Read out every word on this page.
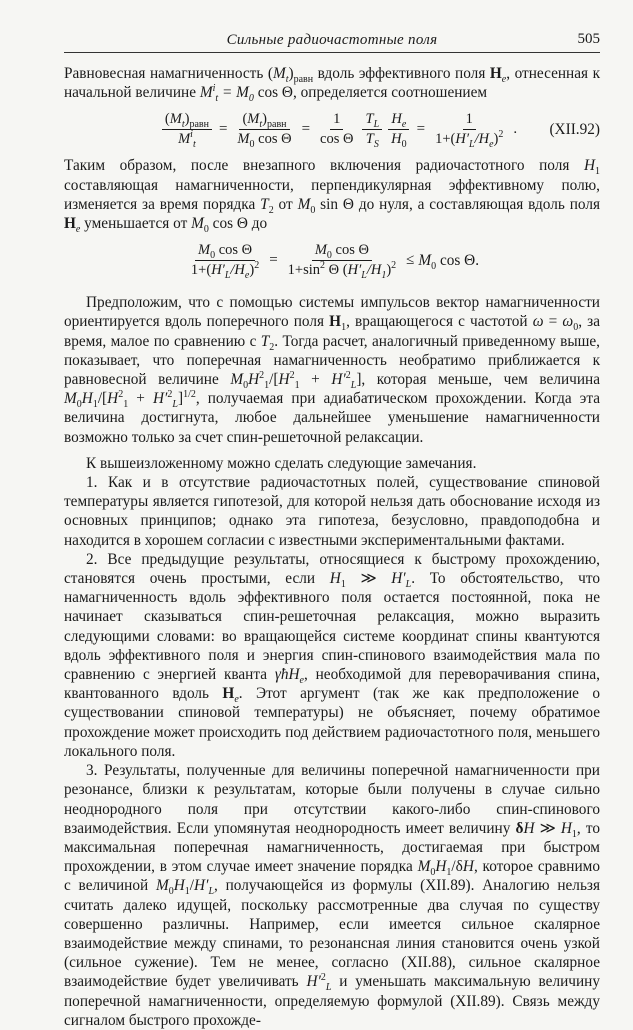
Сильные радиочастотные поля	505

Равновесная намагниченность $(M_t)_{равн}$ вдоль эффективного поля $H_e$, отнесенная к начальной величине $M^i_t = M_0$ cos Θ, определяется соотношением

$\frac{(M_t)_{равн}}{M^i_t} = \frac{(M_t)_{равн}}{M_0 \cos \Theta} = \frac{1}{\text{cos Θ}} \frac{T_L}{T_S} \frac{H_e}{H_0} = \frac{1}{1+(H'_L/H_e)^2}$ . (XII.92)

Таким образом, после внезапного включения радиочастотного поля $H_1$ составляющая намагниченности, перпендикулярная эффективному полю, изменяется за время порядка $T_2$ от $M_0$ sin Θ до нуля, а составляющая вдоль поля $H_e$ уменьшается от $M_0$ cos Θ до

$\frac{M_0 \cos \Theta}{1+(H'_L/H_e)^2} = \frac{M_0 \cos \Theta}{1+\sin^2 \Theta (H'_L/H_1)^2} \le M_0$ cos Θ.

Предположим, что с помощью системы импульсов вектор намагниченности ориентируется вдоль поперечного поля $H_1$, вращающегося с частотой $\omega = \omega_0$, за время, малое по сравнению с $T_2$. Тогда расчет, аналогичный приведенному выше, показывает, что поперечная намагниченность необратимо приближается к равновесной величине $M_0H^2_1/[H^2_1 + H'^2_L]$, которая меньше, чем величина $M_0H_1/[H^2_1 + H'^2_L]^{1/2}$, получаемая при адиабатическом прохождении. Когда эта величина достигнута, любое дальнейшее уменьшение намагниченности возможно только за счет спин-решеточной релаксации.

К вышеизложенному можно сделать следующие замечания.

1. Как и в отсутствие радиочастотных полей, существование спиновой температуры является гипотезой, для которой нельзя дать обоснование исходя из основных принципов; однако эта гипотеза, безусловно, правдоподобна и находится в хорошем согласии с известными экспериментальными фактами.

2. Все предыдущие результаты, относящиеся к быстрому прохождению, становятся очень простыми, если $H_1$ ≫ $H'_L$. То обстоятельство, что намагниченность вдоль эффективного поля остается постоянной, пока не начинает сказываться спин-решеточная релаксация, можно выразить следующими словами: во вращающейся системе координат спины квантуются вдоль эффективного поля и энергия спин-спинового взаимодействия мала по сравнению с энергией кванта γħH$_e$, необходимой для переворачивания спина, квантованного вдоль $H_e$. Этот аргумент (так же как предположение о существовании спиновой температуры) не объясняет, почему обратимое прохождение может происходить под действием радиочастотного поля, меньшего локального поля.

3. Результаты, полученные для величины поперечной намагниченности при резонансе, близки к результатам, которые были получены в случае сильно неоднородного поля при отсутствии какого-либо спин-спинового взаимодействия. Если упомянутая неоднородность имеет величину δH ≫ $H_1$, то максимальная поперечная намагниченность, достигаемая при быстром прохождении, в этом случае имеет значение порядка $M_0H_1/\delta H$, которое сравнимо с величиной $M_0H_1/H'_L$, получающейся из формулы (XII.89). Аналогию нельзя считать далеко идущей, поскольку рассмотренные два случая по существу совершенно различны. Например, если имеется сильное скалярное взаимодействие между спинами, то резонансная линия становится очень узкой (сильное сужение). Тем не менее, согласно (XII.88), сильное скалярное взаимодействие будет увеличивать $H'^2_L$ и уменьшать максимальную величину поперечной намагниченности, определяемую формулой (XII.89). Связь между сигналом быстрого прохожде-
